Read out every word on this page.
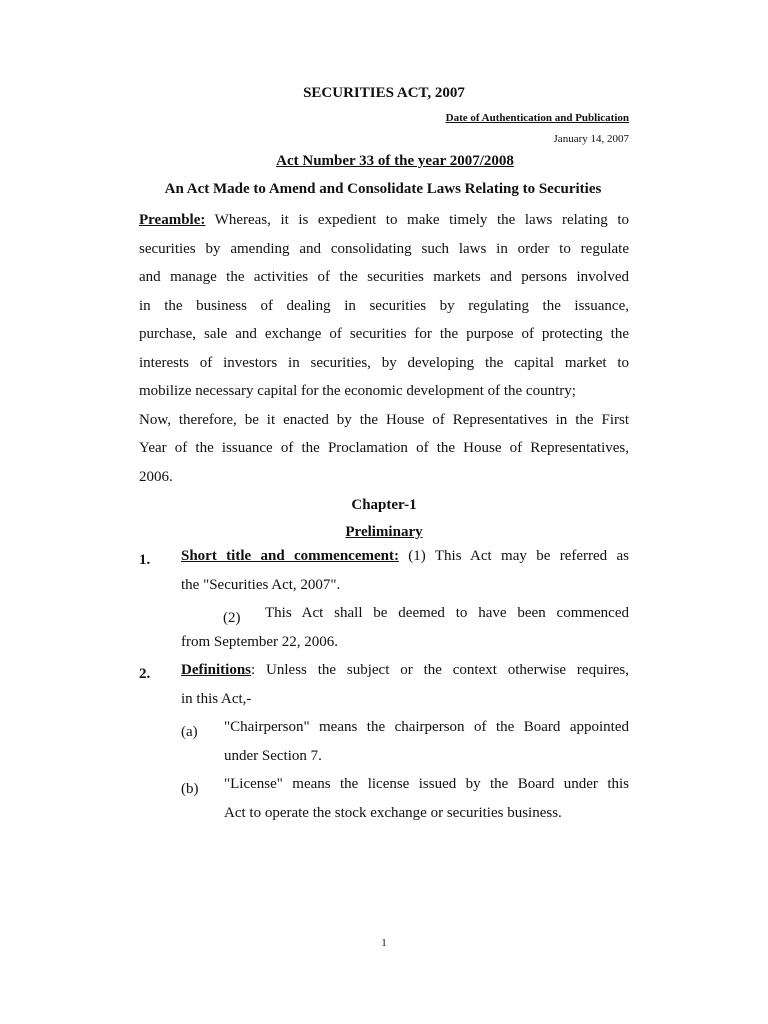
SECURITIES ACT, 2007
Date of Authentication and Publication
January 14, 2007
Act Number 33 of the year 2007/2008
An Act Made to Amend and Consolidate Laws Relating to Securities
Preamble: Whereas, it is expedient to make timely the laws relating to
securities by amending and consolidating such laws in order to regulate
and manage the activities of the securities markets and persons involved
in the business of dealing in securities by regulating the issuance,
purchase, sale and exchange of securities for the purpose of protecting the
interests of investors in securities, by developing the capital market to
mobilize necessary capital for the economic development of the country;
Now, therefore, be it enacted by the House of Representatives in the First
Year of the issuance of the Proclamation of the House of Representatives,
2006.
Chapter-1
Preliminary
1. Short title and commencement: (1) This Act may be referred as
the "Securities Act, 2007".
(2) This Act shall be deemed to have been commenced
from September 22, 2006.
2. Definitions: Unless the subject or the context otherwise requires,
in this Act,-
(a) "Chairperson" means the chairperson of the Board appointed
under Section 7.
(b) "License" means the license issued by the Board under this
Act to operate the stock exchange or securities business.
1
